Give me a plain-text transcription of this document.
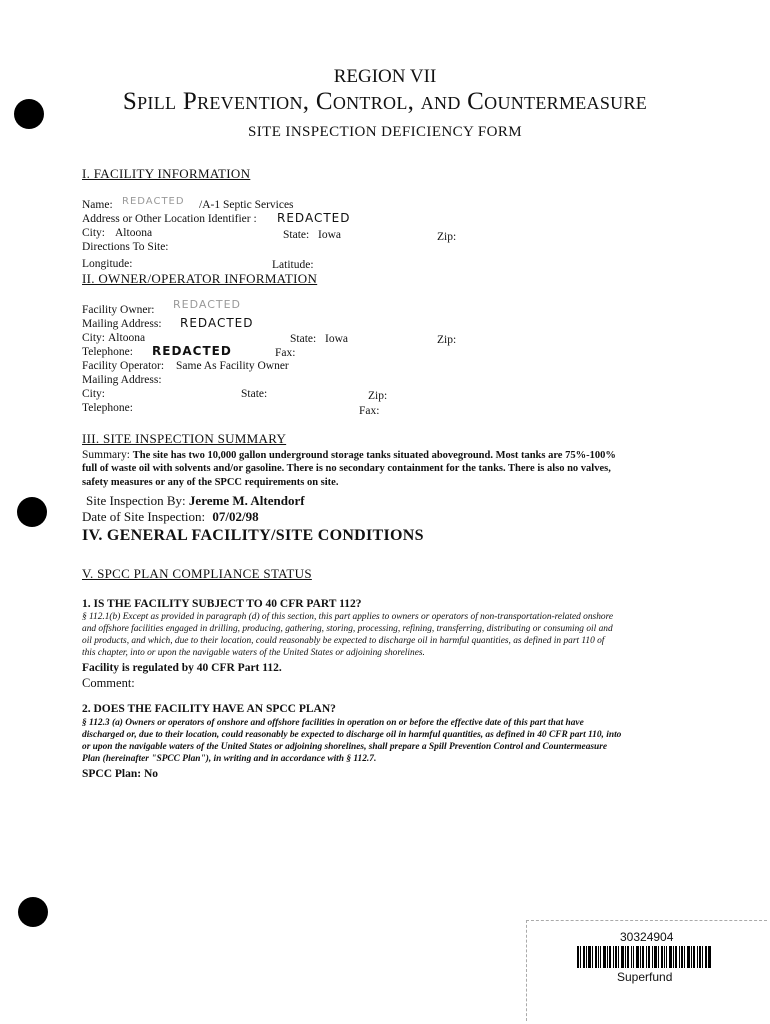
REGION VII
Spill Prevention, Control, and Countermeasure
SITE INSPECTION DEFICIENCY FORM
I. FACILITY INFORMATION
Name: REDACTED /A-1 Septic Services
Address or Other Location Identifier : REDACTED
City: Altoona	State: Iowa	Zip:
Directions To Site:
Longitude:	Latitude:
II. OWNER/OPERATOR INFORMATION
Facility Owner: REDACTED
Mailing Address: REDACTED
City: Altoona	State: Iowa	Zip:
Telephone: REDACTED	Fax:
Facility Operator: Same As Facility Owner
Mailing Address:
City:	State:	Zip:
Telephone:	Fax:
III. SITE INSPECTION SUMMARY
Summary: The site has two 10,000 gallon underground storage tanks situated aboveground. Most tanks are 75%-100%
full of waste oil with solvents and/or gasoline. There is no secondary containment for the tanks. There is also no valves,
safety measures or any of the SPCC requirements on site.
Site Inspection By: Jereme M. Altendorf
Date of Site Inspection: 07/02/98
IV. GENERAL FACILITY/SITE CONDITIONS
V. SPCC PLAN COMPLIANCE STATUS
1. IS THE FACILITY SUBJECT TO 40 CFR PART 112?
§ 112.1(b) Except as provided in paragraph (d) of this section, this part applies to owners or operators of non-transportation-related onshore
and offshore facilities engaged in drilling, producing, gathering, storing, processing, refining, transferring, distributing or consuming oil and
oil products, and which, due to their location, could reasonably be expected to discharge oil in harmful quantities, as defined in part 110 of
this chapter, into or upon the navigable waters of the United States or adjoining shorelines.
Facility is regulated by 40 CFR Part 112.
Comment:
2. DOES THE FACILITY HAVE AN SPCC PLAN?
§ 112.3 (a) Owners or operators of onshore and offshore facilities in operation on or before the effective date of this part that have
discharged or, due to their location, could reasonably be expected to discharge oil in harmful quantities, as defined in 40 CFR part 110, into
or upon the navigable waters of the United States or adjoining shorelines, shall prepare a Spill Prevention Control and Countermeasure
Plan (hereinafter "SPCC Plan"), in writing and in accordance with § 112.7.
SPCC Plan: No
30324904
Superfund
